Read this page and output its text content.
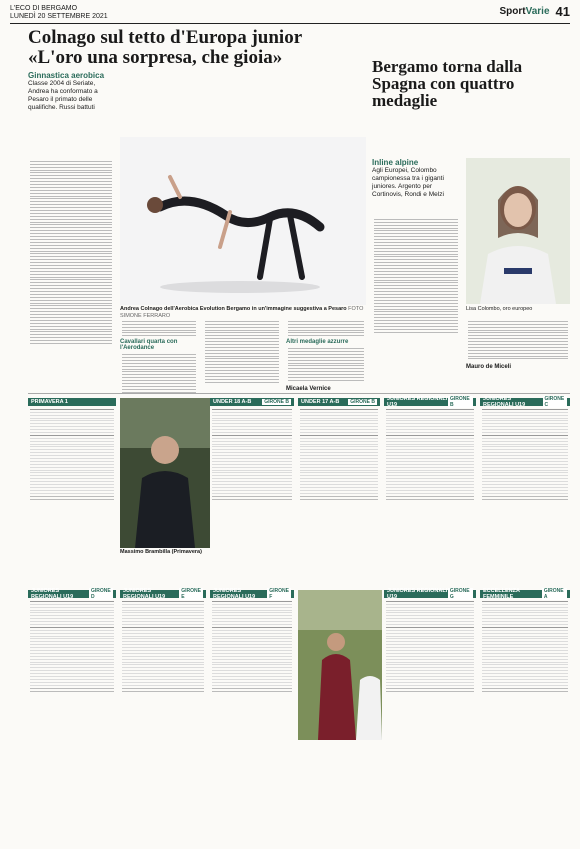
L'ECO DI BERGAMO
LUNEDÌ 20 SETTEMBRE 2021	SportVarie 41
Colnago sul tetto d'Europa junior
«L'oro una sorpresa, che gioia»
Ginnastica aerobica
Classe 2004 di Seriate, Andrea ha conformato a Pesaro il primato delle qualifiche. Russi battuti
Andrea Colnago dell'Aerobica Evolution Bergamo in un'immagine suggestiva a Pesaro FOTO SIMONE FERRARO
Cavallari quarta con l'Aerodance
Altri medaglie azzurre
Micaela Vernice
Bergamo torna dalla Spagna con quattro medaglie
Inline alpine
Agli Europei, Colombo campionessa tra i giganti juniores. Argento per Cortinovis, Rondi e Melzi
Lisa Colombo, oro europeo
Mauro de Miceli
PRIMAVERA 1
Massimo Brambilla (Primavera)
UNDER 18 A-B	GIRONE B	UNDER 17 A-B	GIRONE B	JUNIORES REGIONALI U19
GIRONE B
JUNIORES REGIONALI U19
GIRONE C
JUNIORES REGIONALI U19
GIRONE D
JUNIORES REGIONALI U19
GIRONE E
JUNIORES REGIONALI U19
GIRONE F
JUNIORES REGIONALI U19
GIRONE G
ECCELLENZA FEMMINILE
GIRONE A
